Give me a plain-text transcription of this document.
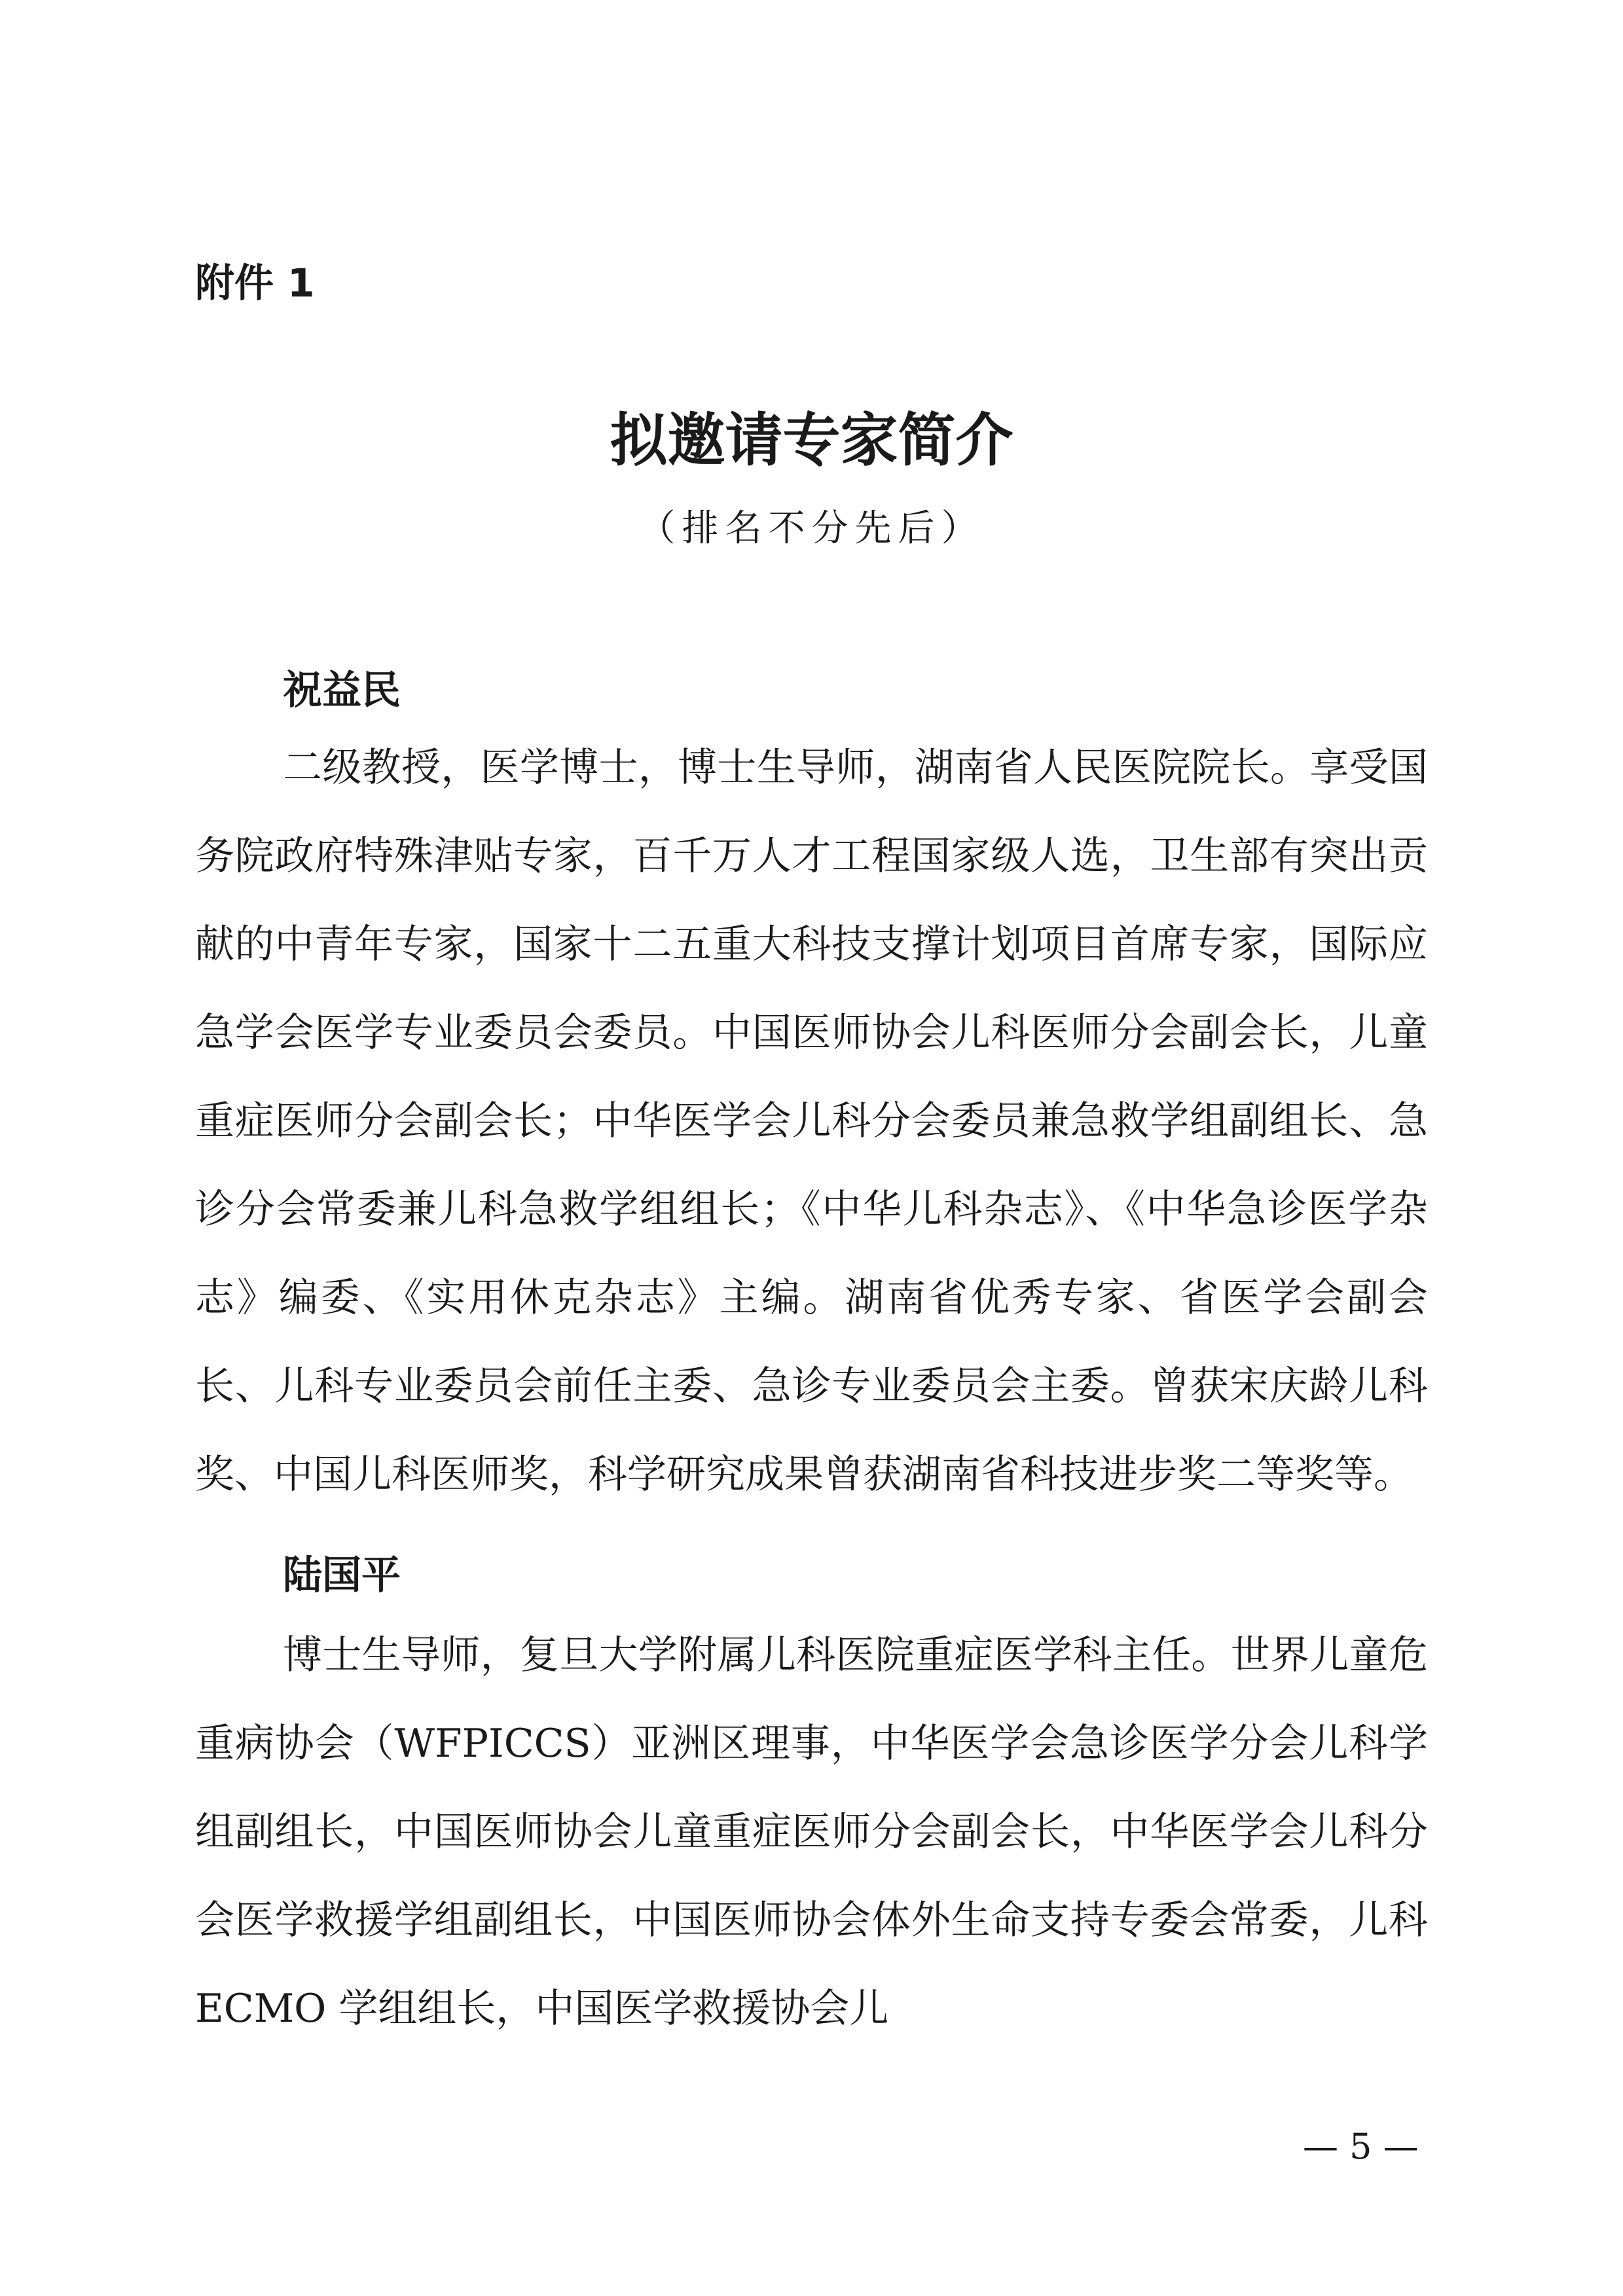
附件 1
拟邀请专家简介
（排名不分先后）
祝益民

二级教授，医学博士，博士生导师，湖南省人民医院院长。享受国务院政府特殊津贴专家，百千万人才工程国家级人选，卫生部有突出贡献的中青年专家，国家十二五重大科技支撑计划项目首席专家，国际应急学会医学专业委员会委员。中国医师协会儿科医师分会副会长，儿童重症医师分会副会长；中华医学会儿科分会委员兼急救学组副组长、急诊分会常委兼儿科急救学组组长；《中华儿科杂志》、《中华急诊医学杂志》编委、《实用休克杂志》主编。湖南省优秀专家、省医学会副会长、儿科专业委员会前任主委、急诊专业委员会主委。曾获宋庆龄儿科奖、中国儿科医师奖，科学研究成果曾获湖南省科技进步奖二等奖等。

陆国平

博士生导师，复旦大学附属儿科医院重症医学科主任。世界儿童危重病协会（WFPICCS）亚洲区理事，中华医学会急诊医学分会儿科学组副组长，中国医师协会儿童重症医师分会副会长，中华医学会儿科分会医学救援学组副组长，中国医师协会体外生命支持专委会常委，儿科 ECMO 学组组长，中国医学救援协会儿

— 5 —
